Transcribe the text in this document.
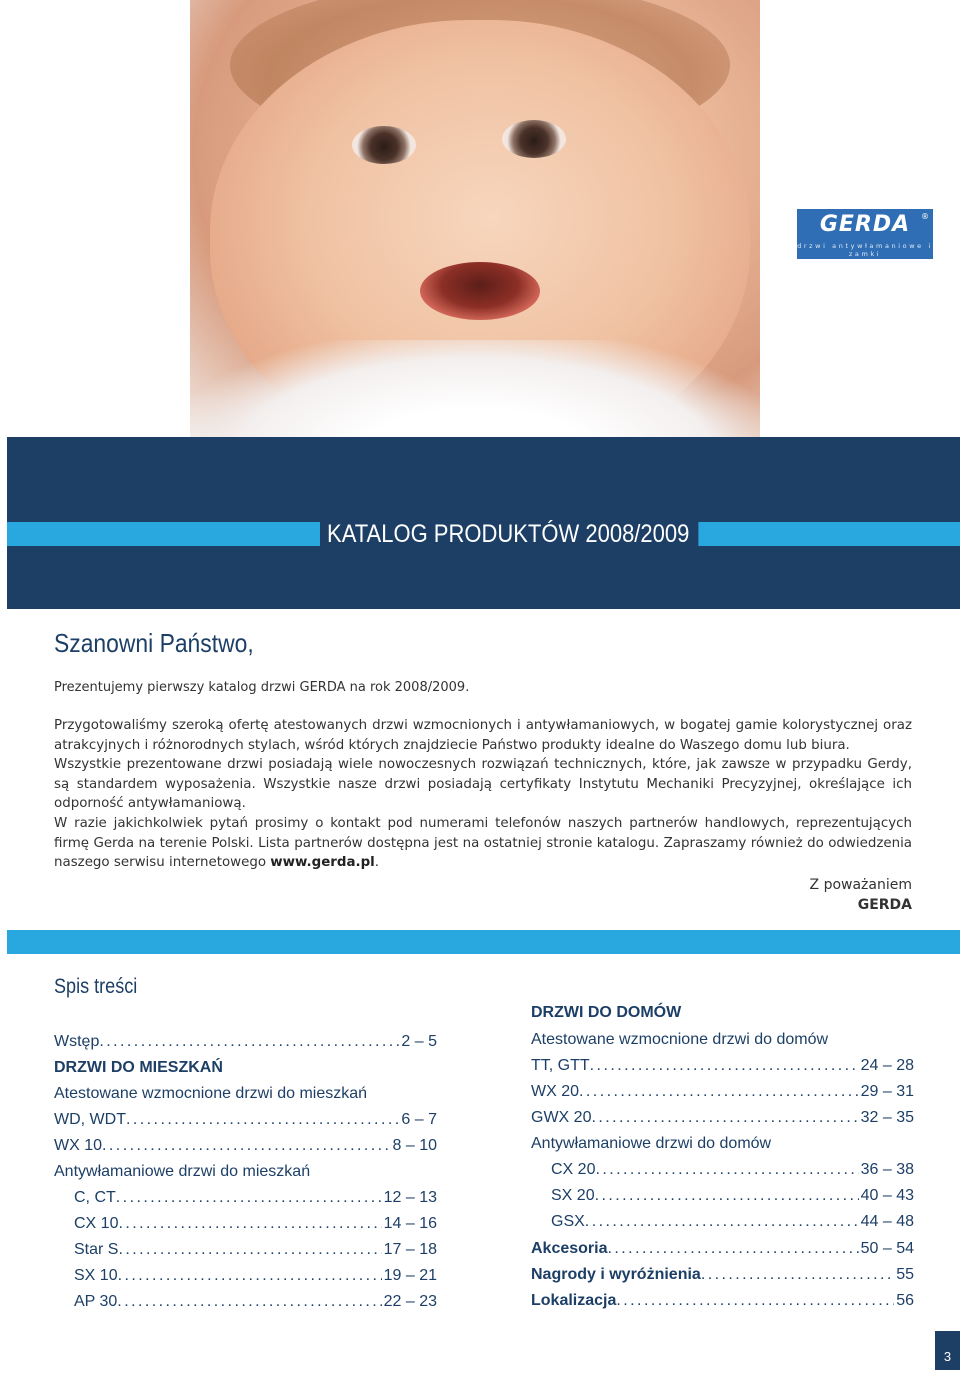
GERDA	®
drzwi antywłamaniowe i zamki
KATALOG PRODUKTÓW 2008/2009
Szanowni Państwo,
Prezentujemy pierwszy katalog drzwi GERDA na rok 2008/2009.

Przygotowaliśmy szeroką ofertę atestowanych drzwi wzmocnionych i antywłamaniowych, w bogatej gamie kolorystycznej oraz atrakcyjnych i różnorodnych stylach, wśród których znajdziecie Państwo produkty idealne do Waszego domu lub biura.

Wszystkie prezentowane drzwi posiadają wiele nowoczesnych rozwiązań technicznych, które, jak zawsze w przypadku Gerdy, są standardem wyposażenia. Wszystkie nasze drzwi posiadają certyfikaty Instytutu Mechaniki Precyzyjnej, określające ich odporność antywłamaniową.

W razie jakichkolwiek pytań prosimy o kontakt pod numerami telefonów naszych partnerów handlowych, reprezentujących firmę Gerda na terenie Polski. Lista partnerów dostępna jest na ostatniej stronie katalogu. Zapraszamy również do odwiedzenia naszego serwisu internetowego www.gerda.pl.

Z poważaniem
GERDA
Spis treści
Wstęp . . .	2 – 5
DRZWI DO MIESZKAŃ
Atestowane wzmocnione drzwi do mieszkań
WD, WDT . . .	6 – 7
WX 10 . . .	8 – 10
Antywłamaniowe drzwi do mieszkań
C, CT . . .	12 – 13
CX 10 . . .	14 – 16
Star S . . .	17 – 18
SX 10 . . .	19 – 21
AP 30 . . .	22 – 23
DRZWI DO DOMÓW
Atestowane wzmocnione drzwi do domów
TT, GTT . . .	24 – 28
WX 20 . . .	29 – 31
GWX 20 . . .	32 – 35
Antywłamaniowe drzwi do domów
CX 20 . . .	36 – 38
SX 20 . . .	40 – 43
GSX . . .	44 – 48
Akcesoria . . .	50 – 54
Nagrody i wyróżnienia . . .	55
Lokalizacja . . .	56
3
